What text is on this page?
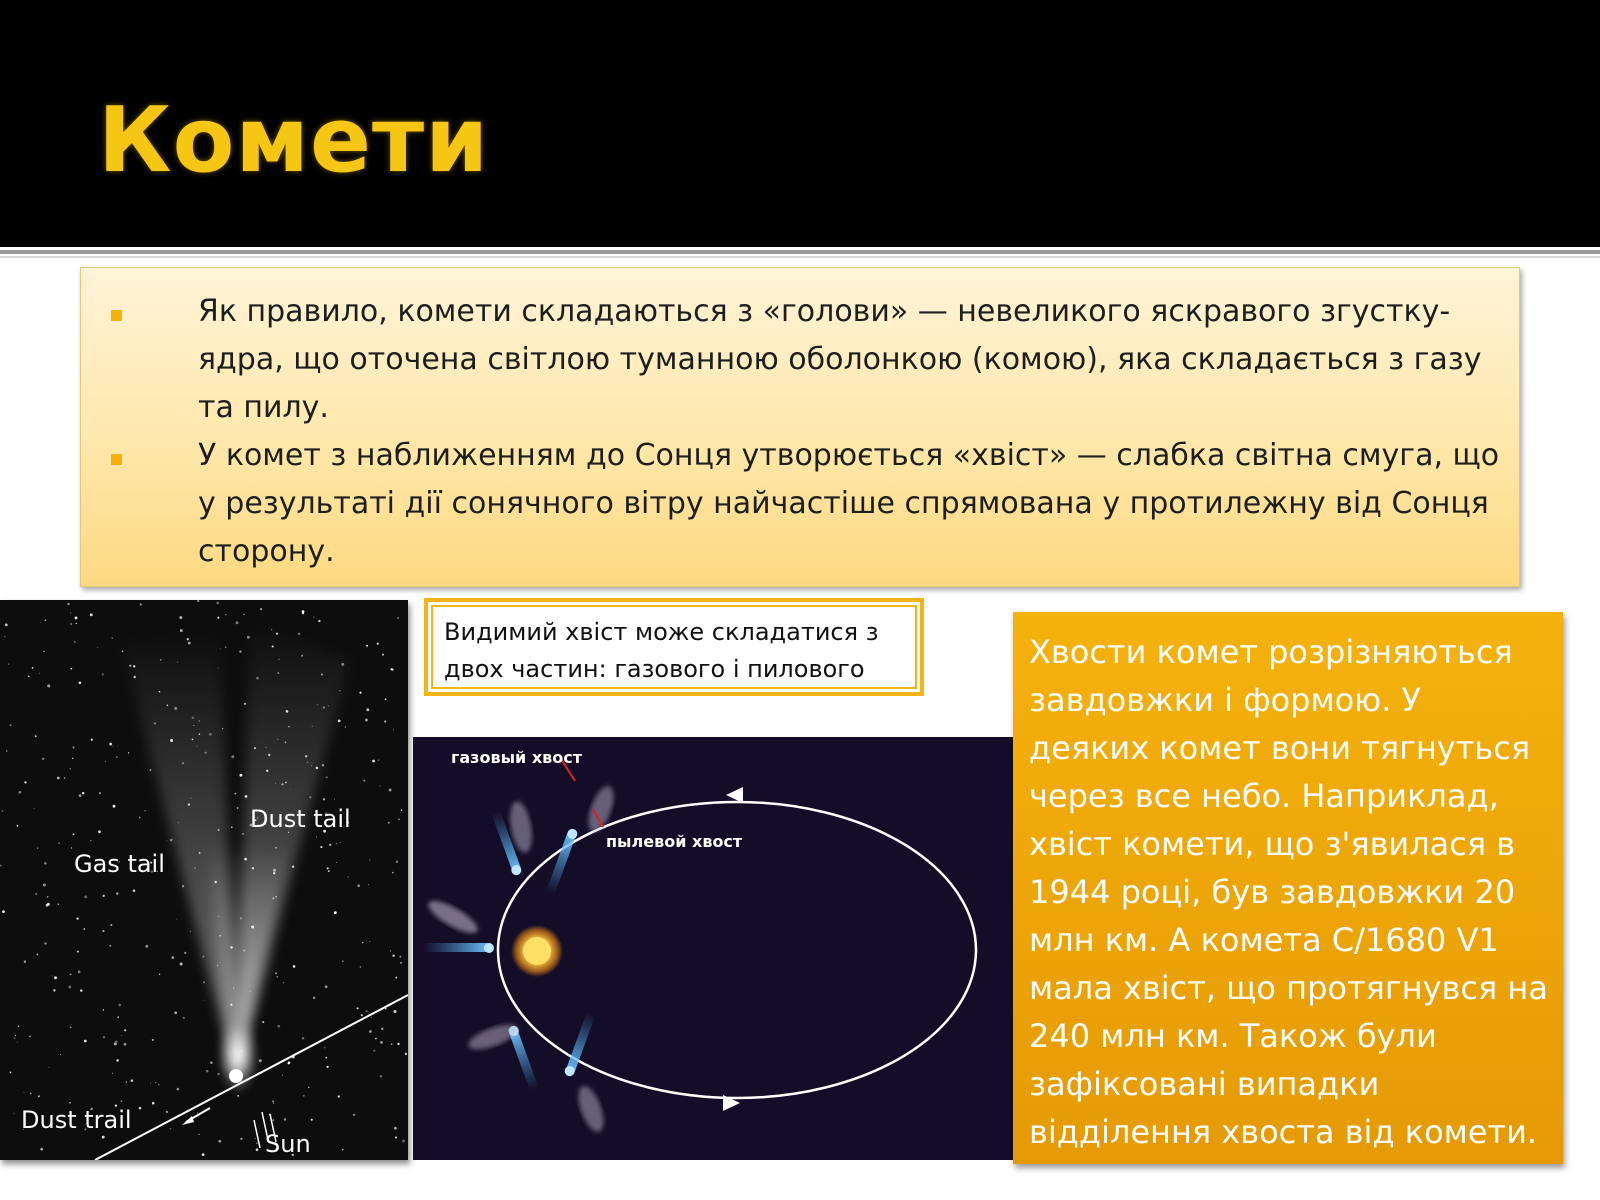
Комети
Як правило, комети складаються з «голови» — невеликого яскравого згустку-ядра, що оточена світлою туманною оболонкою (комою), яка складається з газу та пилу.
У комет з наближенням до Сонця утворюється «хвіст» — слабка світна смуга, що у результаті дії сонячного вітру найчастіше спрямована у протилежну від Сонця сторону.
Dust tail
Gas tail
Dust trail
Sun
Видимий хвіст може складатися з двох частин: газового і пилового
газовый хвост
пылевой хвост
Хвости комет розрізняються завдовжки і формою. У деяких комет вони тягнуться через все небо. Наприклад, хвіст комети, що з'явилася в 1944 році, був завдовжки 20 млн км. А комета C/1680 V1 мала хвіст, що протягнувся на 240 млн км. Також були зафіксовані випадки відділення хвоста від комети.
